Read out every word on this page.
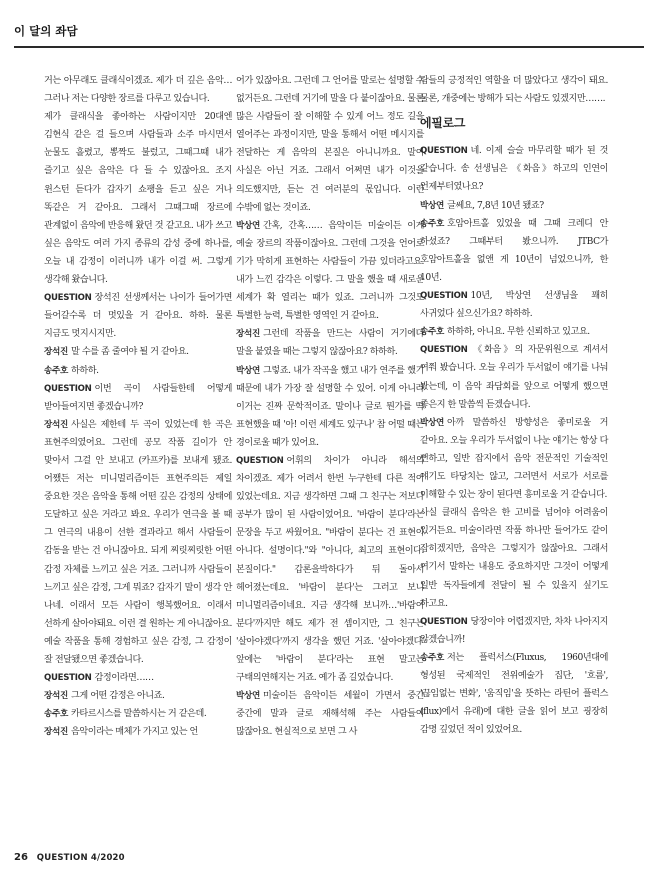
이 달의 좌담
거는 아무래도 클래식이겠죠. 제가 더 깊은 음악…그러나 저는 다양한 장르를 다루고 있습니다.
제가 클래식을 좋아하는 사람이지만 20대엔 김현식 같은 걸 들으며 사람들과 소주 마시면서 눈물도 흘렸고, 뽕짝도 불렀고, 그때그때 내가 즐기고 싶은 음악은 다 들 수 있잖아요. 조지 윈스턴 듣다가 갑자기 쇼팽을 듣고 싶은 거나 똑같은 거 같아요. 그래서 그때그때 장르에 관계없이 음악에 반응해 왔던 것 같고요. 내가 쓰고 싶은 음악도 여러 가지 종류의 감성 중에 하나를, 오늘 내 감정이 이러니까 내가 이걸 써. 그렇게 생각해 왔습니다.
QUESTION 장석진 선생께서는 나이가 들어가면 들어갈수록 더 멋있을 거 같아요. 하하. 물론 지금도 멋지시지만.
장석진 말 수를 좀 줄여야 될 거 같아요.
송주호 하하하.
QUESTION 이번 곡이 사람들한테 어떻게 받아들여지면 좋겠습니까?
장석진 사실은 제한테 두 곡이 있었는데 한 곡은 표현주의였어요. 그런데 공모 작품 길이가 안 맞아서 그걸 안 보내고 (카프카)를 보내게 됐죠. 어쨌든 저는 미니멀리즘이든 표현주의든 제일 중요한 것은 음악을 통해 어떤 깊은 감정의 상태에 도달하고 싶은 거라고 봐요. 우리가 연극을 볼 때 그 연극의 내용이 선한 결과라고 해서 사람들이 감동을 받는 건 아니잖아요. 되게 찌릿찌릿한 어떤 감정 자체를 느끼고 싶은 거죠. 그러니까 사람들이 느끼고 싶은 감정, 그게 뭐죠? 갑자기 말이 생각 안 나네. 이래서 모든 사람이 행복했어요. 이래서 선하게 살아야돼요. 이런 결 원하는 게 아니잖아요. 예술 작품을 통해 경험하고 싶은 감정, 그 감정이 잘 전달됐으면 좋겠습니다.
QUESTION 감정이라면……
장석진 그게 어떤 감정은 아니죠.
송주호 카타르시스를 말씀하시는 거 같은데.
장석진 음악이라는 매체가 가지고 있는 언
어가 있잖아요. 그런데 그 언어를 말로는 설명할 수 없거든요. 그런데 거기에 말을 다 붙이잖아요. 물론 많은 사람들이 잘 이해할 수 있게 어느 정도 길을 열어주는 과정이지만, 말을 통해서 어떤 메시지를 전달하는 게 음악의 본질은 아니니까요. 말이 사실은 아닌 거죠. 그래서 어쩌면 내가 이것을 의도했지만, 듣는 건 여러분의 몫입니다. 이런 수밖에 없는 것이죠.
박상연 간혹, 간혹…… 음악이든 미술이든 이게 예술 장르의 작품이잖아요. 그런데 그것을 언어로 기가 막히게 표현하는 사람들이 가끔 있더라고요. 내가 느낀 감각은 이렇다. 그 말을 했을 때 새로운 세계가 확 열리는 때가 있죠. 그러니까 그것도 특별한 능력, 특별한 영역인 거 같아요.
장석진 그런데 작품을 만드는 사람이 거기에다 말을 붙였을 때는 그렇지 않잖아요? 하하하.
박상연 그렇죠. 내가 작곡을 했고 내가 연주를 했기 때문에 내가 가장 잘 설명할 수 있어. 이게 아니라 이거는 진짜 문학적이죠. 말이나 글로 뭔가를 딱 표현했을 때 '아! 이런 세계도 있구나' 참 어떨 때는 경이로울 때가 있어요.
QUESTION 어휘의 차이가 아니라 해석의 차이겠죠. 제가 어려서 한번 누구한테 다른 적이 있었는데요. 지금 생각하면 그때 그 친구는 저보다 공부가 많이 된 사람이었어요. '바람이 분다'라는 문장을 두고 싸웠어요. "바람이 분다는 건 표현이 아니다. 설명이다."와 "아니다, 최고의 표현이다. 본질이다." 갑론을박하다가 뒤 돌아서 헤어졌는데요. '바람이 분다'는 그러고 보니 미니멀리즘이네요. 지금 생각해 보니까…'바람이 분다'까지만 해도 제가 전 셈이지만, 그 친구는 '살아야겠다'까지 생각을 했던 거죠. '살아야겠다' 앞에는 '바람이 분다'라는 표현 말고는 구태의연해지는 거죠. 예가 좀 길었습니다.
박상연 미술이든 음악이든 세월이 가면서 중간 중간에 말과 글로 재해석해 주는 사람들이 많잖아요. 현실적으로 보면 그 사
람들의 긍정적인 역할을 더 많았다고 생각이 돼요. 물론, 개중에는 방해가 되는 사람도 있겠지만…….
에필로그
QUESTION 네. 이제 슬슬 마무리할 때가 된 것 같습니다. 송 선생님은 《화음》하고의 인연이 언제부터였나요?
박상연 글쎄요, 7,8년 10년 됐죠?
송주호 호암아트홀 있었을 때 그때 크레디 안 하셨죠? 그때부터 봤으니까. JTBC가 호암아트홀을 없앤 게 10년이 넘었으니까, 한 10년.
QUESTION 10년, 박상연 선생님을 꽤히 사귀었다 싶으신가요? 하하하.
송주호 하하하, 아니요. 무한 신뢰하고 있고요.
QUESTION 《화음》의 자문위원으로 계셔서 여쭤 봤습니다. 오늘 우리가 두서없이 얘기를 나눠 봤는데, 이 음악 좌담회를 앞으로 어떻게 했으면 좋은지 한 말씀씩 듣겠습니다.
박상연 아까 말씀하신 방향성은 좋미로울 거 같아요. 오늘 우리가 두서없이 나눈 얘기는 항상 다 뻔하고, 일반 잡지에서 음악 전문적인 기술적인 얘기도 타당치는 않고, 그러면서 서로가 서로를 이해할 수 있는 장이 된다면 흥미로울 거 같습니다.
사실 클래식 음악은 한 고비를 넘어야 어려움이 있거든요. 미술이라면 작품 하나만 들어가도 같이 잡히겠지만, 음악은 그렇지가 않잖아요. 그래서 여기서 말하는 내용도 중요하지만 그것이 어떻게 일반 독자들에게 전달이 될 수 있을지 싶기도 하고요.
QUESTION 당장이야 어렵겠지만, 차차 나아지지 않겠습니까!
송주호 저는 플럭서스(Fluxus, 1960년대에 형성된 국제적인 전위예술가 집단, '흐름', '끊임없는 변화', '움직임'을 뜻하는 라틴어 플럭스(flux)에서 유래)에 대한 글을 읽어 보고 굉장히 감명 깊었던 적이 있었어요.
26 QUESTION 4/2020
